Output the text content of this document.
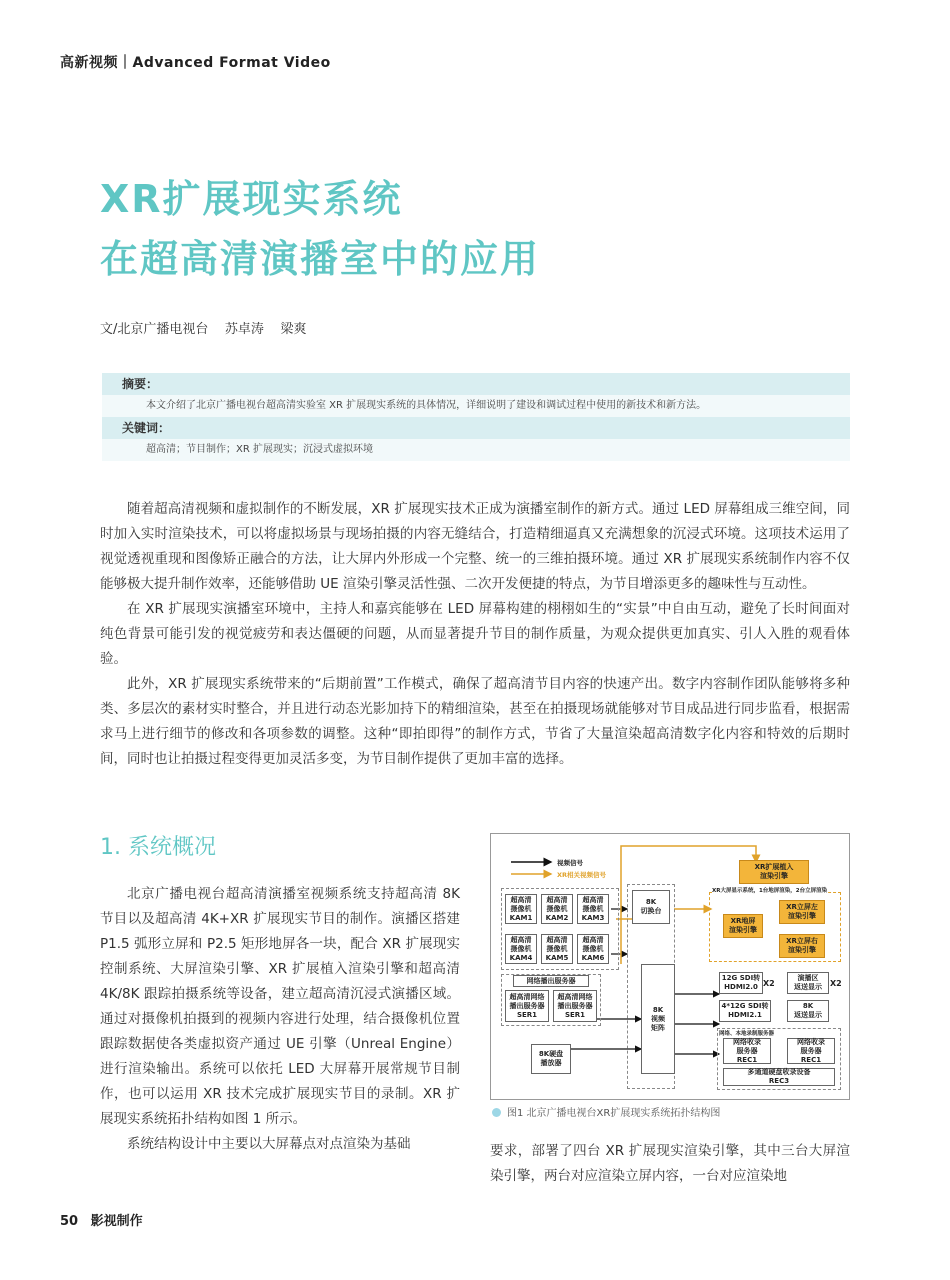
高新视频｜Advanced Format Video
XR扩展现实系统
在超高清演播室中的应用
文/北京广播电视台    苏卓涛    梁爽
摘要：
本文介绍了北京广播电视台超高清实验室 XR 扩展现实系统的具体情况，详细说明了建设和调试过程中使用的新技术和新方法。
关键词：
超高清；节目制作；XR 扩展现实；沉浸式虚拟环境

随着超高清视频和虚拟制作的不断发展，XR 扩展现实技术正成为演播室制作的新方式。通过 LED 屏幕组成三维空间，同时加入实时渲染技术，可以将虚拟场景与现场拍摄的内容无缝结合，打造精细逼真又充满想象的沉浸式环境。这项技术运用了视觉透视重现和图像矫正融合的方法，让大屏内外形成一个完整、统一的三维拍摄环境。通过 XR 扩展现实系统制作内容不仅能够极大提升制作效率，还能够借助 UE 渲染引擎灵活性强、二次开发便捷的特点，为节目增添更多的趣味性与互动性。

在 XR 扩展现实演播室环境中，主持人和嘉宾能够在 LED 屏幕构建的栩栩如生的“实景”中自由互动，避免了长时间面对纯色背景可能引发的视觉疲劳和表达僵硬的问题，从而显著提升节目的制作质量，为观众提供更加真实、引人入胜的观看体验。

此外，XR 扩展现实系统带来的“后期前置”工作模式，确保了超高清节目内容的快速产出。数字内容制作团队能够将多种类、多层次的素材实时整合，并且进行动态光影加持下的精细渲染，甚至在拍摄现场就能够对节目成品进行同步监看，根据需求马上进行细节的修改和各项参数的调整。这种“即拍即得”的制作方式，节省了大量渲染超高清数字化内容和特效的后期时间，同时也让拍摄过程变得更加灵活多变，为节目制作提供了更加丰富的选择。

1. 系统概况

北京广播电视台超高清演播室视频系统支持超高清 8K 节目以及超高清 4K+XR 扩展现实节目的制作。演播区搭建 P1.5 弧形立屏和 P2.5 矩形地屏各一块，配合 XR 扩展现实控制系统、大屏渲染引擎、XR 扩展植入渲染引擎和超高清 4K/8K 跟踪拍摄系统等设备，建立超高清沉浸式演播区域。通过对摄像机拍摄到的视频内容进行处理，结合摄像机位置跟踪数据使各类虚拟资产通过 UE 引擎（Unreal Engine）进行渲染输出。系统可以依托 LED 大屏幕开展常规节目制作，也可以运用 XR 技术完成扩展现实节目的录制。XR 扩展现实系统拓扑结构如图 1 所示。

系统结构设计中主要以大屏幕点对点渲染为基础	要求，部署了四台 XR 扩展现实渲染引擎，其中三台大屏渲染引擎，两台对应渲染立屏内容，一台对应渲染地

视频信号
XR相关视频信号
超高清
摄像机
KAM1
超高清
摄像机
KAM2
超高清
摄像机
KAM3
超高清
摄像机
KAM4
超高清
摄像机
KAM5
超高清
摄像机
KAM6
网络播出服务器
超高清网络
播出服务器
SER1
超高清网络
播出服务器
SER1
8K硬盘
播放器
8K
切换台
8K
视频
矩阵
XR扩展植入
渲染引擎
XR大屏显示系统，1台地屏渲染，2台立屏渲染
XR地屏
渲染引擎
XR立屏左
渲染引擎
XR立屏右
渲染引擎
12G SDI转
HDMI2.0 X2
演播区
返送显示	X2
4*12G SDI转
HDMI2.1
8K
返送显示
网络、本地录制服务器
网络收录
服务器
REC1
网络收录
服务器
REC1
多通道硬盘收录设备
REC3
图1 北京广播电视台XR扩展现实系统拓扑结构图
50 影视制作
